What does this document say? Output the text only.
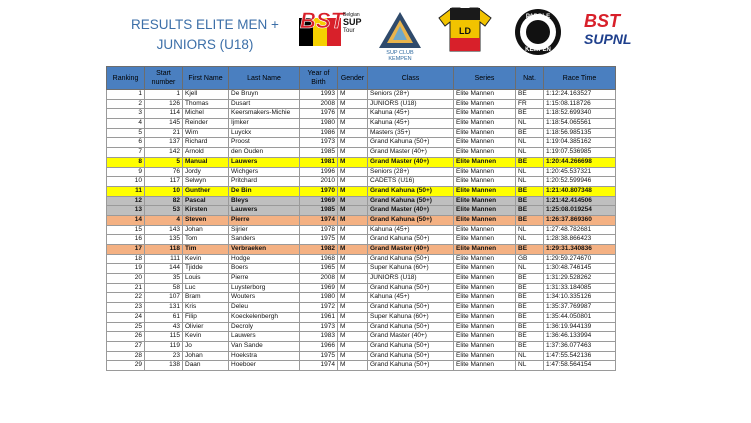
RESULTS ELITE MEN +
JUNIORS (U18)
BST Belgian
SUP
Tour
SUP CLUB
KEMPEN
LD
PADDLE
KEMPEN
BST
SUPNL
Ranking	Start number	First Name	Last Name	Year of Birth	Gender	Class	Series	Nat.	Race Time
1	1	Kjell	De Bruyn	1993	M	Seniors (28+)	Elite Mannen	BE	1:12:24.163527
2	126	Thomas	Dusart	2008	M	JUNIORS (U18)	Elite Mannen	FR	1:15:08.118726
3	114	Michel	Keersmakers-Michie	1976	M	Kahuna (45+)	Elite Mannen	BE	1:18:52.699340
4	145	Reinder	Ijmker	1980	M	Kahuna (45+)	Elite Mannen	NL	1:18:54.065561
5	21	Wim	Luyckx	1986	M	Masters (35+)	Elite Mannen	BE	1:18:56.985135
6	137	Richard	Proost	1973	M	Grand Kahuna (50+)	Elite Mannen	NL	1:19:04.385162
7	142	Arnold	den Ouden	1985	M	Grand Master (40+)	Elite Mannen	NL	1:19:07.536985
8	5	Manual	Lauwers	1981	M	Grand Master (40+)	Elite Mannen	BE	1:20:44.266698
9	76	Jordy	Wichgers	1996	M	Seniors (28+)	Elite Mannen	NL	1:20:45.537321
10	117	Selwyn	Pritchard	2010	M	CADETS (U16)	Elite Mannen	NL	1:20:52.599946
11	10	Gunther	De Bin	1970	M	Grand Kahuna (50+)	Elite Mannen	BE	1:21:40.807348
12	82	Pascal	Bleys	1969	M	Grand Kahuna (50+)	Elite Mannen	BE	1:21:42.414506
13	53	Kirsten	Lauwers	1985	M	Grand Master (40+)	Elite Mannen	BE	1:25:08.019254
14	4	Steven	Pierre	1974	M	Grand Kahuna (50+)	Elite Mannen	BE	1:26:37.869360
15	143	Johan	Sijrier	1978	M	Kahuna (45+)	Elite Mannen	NL	1:27:48.782681
16	135	Tom	Sanders	1975	M	Grand Kahuna (50+)	Elite Mannen	NL	1:28:38.866423
17	118	Tim	Verbraeken	1982	M	Grand Master (40+)	Elite Mannen	BE	1:29:31.340836
18	111	Kevin	Hodge	1968	M	Grand Kahuna (50+)	Elite Mannen	GB	1:29:59.274670
19	144	Tjidde	Boers	1965	M	Super Kahuna (60+)	Elite Mannen	NL	1:30:48.746145
20	35	Louis	Pierre	2008	M	JUNIORS (U18)	Elite Mannen	BE	1:31:29.528262
21	58	Luc	Luysterborg	1969	M	Grand Kahuna (50+)	Elite Mannen	BE	1:31:33.184085
22	107	Bram	Wouters	1980	M	Kahuna (45+)	Elite Mannen	BE	1:34:10.335126
23	131	Kris	Deleu	1972	M	Grand Kahuna (50+)	Elite Mannen	BE	1:35:37.769987
24	61	Filip	Koeckelenbergh	1961	M	Super Kahuna (60+)	Elite Mannen	BE	1:35:44.050801
25	43	Olivier	Decroly	1973	M	Grand Kahuna (50+)	Elite Mannen	BE	1:36:19.944139
26	115	Kevin	Lauwers	1983	M	Grand Master (40+)	Elite Mannen	BE	1:36:46.133994
27	119	Jo	Van Sande	1966	M	Grand Kahuna (50+)	Elite Mannen	BE	1:37:36.077463
28	23	Johan	Hoekstra	1975	M	Grand Kahuna (50+)	Elite Mannen	NL	1:47:55.542136
29	138	Daan	Hoeboer	1974	M	Grand Kahuna (50+)	Elite Mannen	NL	1:47:58.564154
